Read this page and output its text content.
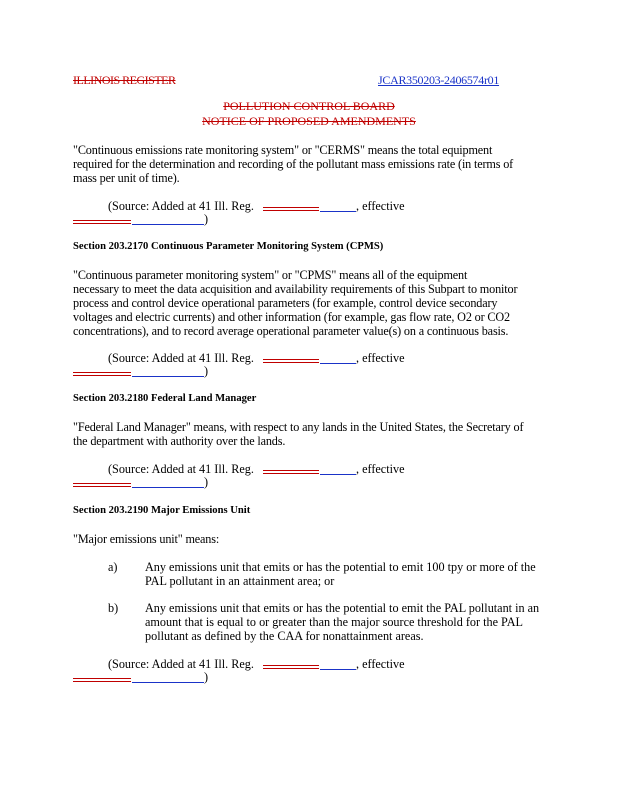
ILLINOIS REGISTER	JCAR350203-2406574r01
POLLUTION CONTROL BOARD
NOTICE OF PROPOSED AMENDMENTS
"Continuous emissions rate monitoring system" or "CERMS" means the total equipment
required for the determination and recording of the pollutant mass emissions rate (in terms of
mass per unit of time).
(Source: Added at 41 Ill. Reg.	, effective
)
Section 203.2170 Continuous Parameter Monitoring System (CPMS)
"Continuous parameter monitoring system" or "CPMS" means all of the equipment
necessary to meet the data acquisition and availability requirements of this Subpart to monitor
process and control device operational parameters (for example, control device secondary
voltages and electric currents) and other information (for example, gas flow rate, O2 or CO2
concentrations), and to record average operational parameter value(s) on a continuous basis.
(Source: Added at 41 Ill. Reg.	, effective
)
Section 203.2180 Federal Land Manager
"Federal Land Manager" means, with respect to any lands in the United States, the Secretary of
the department with authority over the lands.
(Source: Added at 41 Ill. Reg.	, effective
)
Section 203.2190 Major Emissions Unit
"Major emissions unit" means:
a) Any emissions unit that emits or has the potential to emit 100 tpy or more of the
PAL pollutant in an attainment area; or
b) Any emissions unit that emits or has the potential to emit the PAL pollutant in an
amount that is equal to or greater than the major source threshold for the PAL
pollutant as defined by the CAA for nonattainment areas.
(Source: Added at 41 Ill. Reg.	, effective
)
